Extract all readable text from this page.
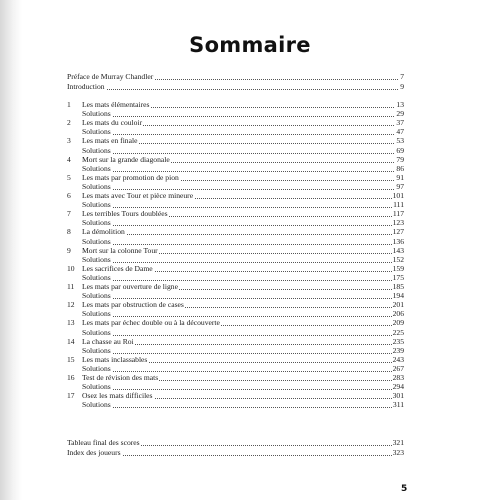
Sommaire
Préface de Murray Chandler	7
Introduction	9
1	Les mats élémentaires	13
Solutions	29
2	Les mats du couloir	37
Solutions	47
3	Les mats en finale	53
Solutions	69
4	Mort sur la grande diagonale	79
Solutions	86
5	Les mats par promotion de pion	91
Solutions	97
6	Les mats avec Tour et pièce mineure	101
Solutions	111
7	Les terribles Tours doublées	117
Solutions	123
8	La démolition	127
Solutions	136
9	Mort sur la colonne Tour	143
Solutions	152
10 Les sacrifices de Dame	159
Solutions	175
11	Les mats par ouverture de ligne	185
Solutions	194
12 Les mats par obstruction de cases	201
Solutions	206
13 Les mats par échec double ou à la découverte	209
Solutions	225
14 La chasse au Roi	235
Solutions	239
15 Les mats inclassables	243
Solutions	267
16 Test de révision des mats	283
Solutions	294
17 Osez les mats difficiles	301
Solutions	311
Tableau final des scores	321
Index des joueurs	323
5
